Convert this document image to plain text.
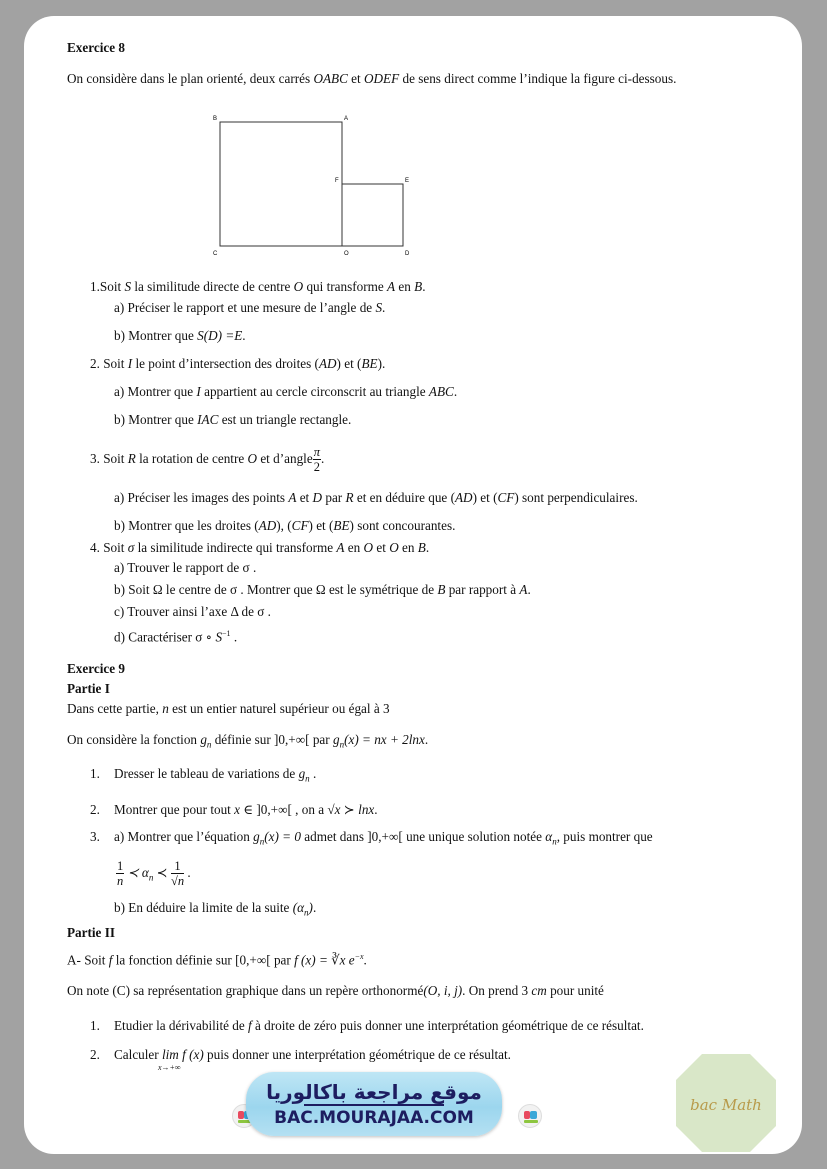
Exercice 8
On considère dans le plan orienté, deux carrés OABC et ODEF de sens direct comme l’indique la figure ci-dessous.
B	A
F	E
C	O	D
1.Soit S la similitude directe de centre O qui transforme A en B.
a) Préciser le rapport et une mesure de l’angle de S.
b) Montrer que S(D) =E.
2. Soit I le point d’intersection des droites (AD) et (BE).
a) Montrer que I appartient au cercle circonscrit au triangle ABC.
b) Montrer que IAC est un triangle rectangle.
3. Soit R la rotation de centre O et d’angle $\frac{\pi}{2}$ .
a) Préciser les images des points A et D par R et en déduire que (AD) et (CF) sont perpendiculaires.
b) Montrer que les droites (AD), (CF) et (BE) sont concourantes.
4. Soit σ la similitude indirecte qui transforme A en O et O en B.
a) Trouver le rapport de σ .
b) Soit Ω le centre de σ . Montrer que Ω est le symétrique de B par rapport à A.
c) Trouver ainsi l’axe Δ de σ .
d) Caractériser σ ∘ $S^{-1}$ .
Exercice 9
Partie I
Dans cette partie, n est un entier naturel supérieur ou égal à 3
On considère la fonction $g_n$ définie sur ]0,+∞[ par $g_n(x)$ = nx + 2lnx.
1. Dresser le tableau de variations de $g_n$ .
2. Montrer que pour tout x ∈ ]0,+∞[ , on a √x ≻ lnx.
3. a) Montrer que l’équation $g_n(x) = 0$ admet dans ]0,+∞[ une unique solution notée $\alpha_n$, puis montrer que
$\frac{1}{n}$ ≺ $\alpha_n$ ≺ $\frac{1}{√n}$ .
b) En déduire la limite de la suite $(\alpha_n)$.
Partie II
A- Soit f la fonction définie sur [0,+∞[ par f (x) = ∛x $e^{-x}$.
On note (C) sa représentation graphique dans un repère orthonormé(O, i, j). On prend 3 cm pour unité
1. Etudier la dérivabilité de f à droite de zéro puis donner une interprétation géométrique de ce résultat.
2. Calculer lim
x→+∞
f (x) puis donner une interprétation géométrique de ce résultat.
موقع مراجعة باكالوريا
BAC.MOURAJAA.COM
bac Math
